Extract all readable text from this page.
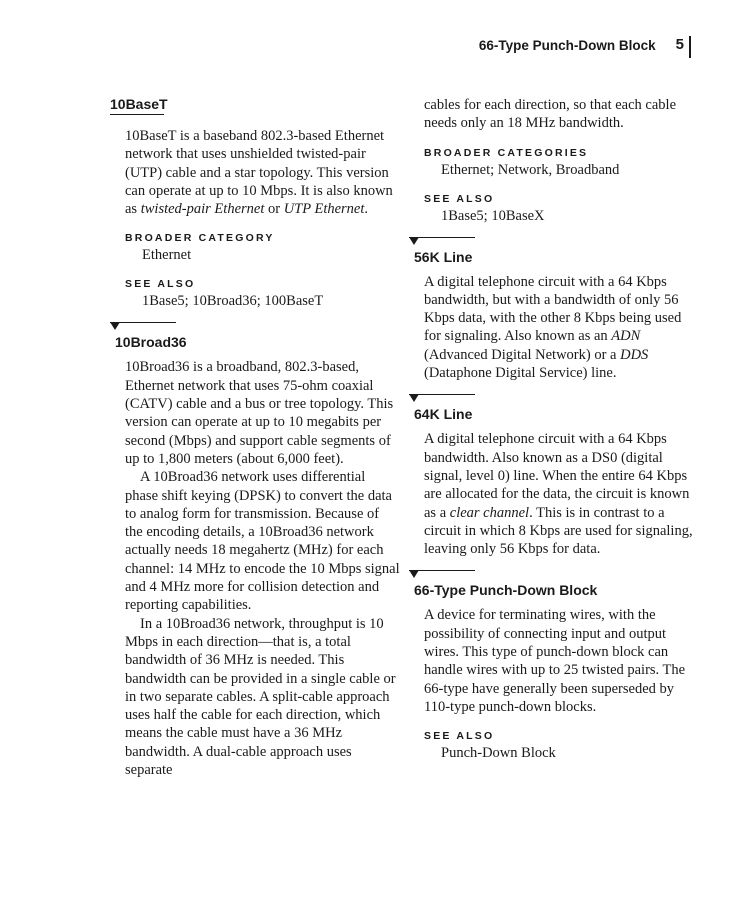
66-Type Punch-Down Block 5
10BaseT

10BaseT is a baseband 802.3-based Ethernet network that uses unshielded twisted-pair (UTP) cable and a star topology. This version can operate at up to 10 Mbps. It is also known as twisted-pair Ethernet or UTP Ethernet.

BROADER CATEGORY

Ethernet

SEE ALSO

1Base5; 10Broad36; 100BaseT

10Broad36

10Broad36 is a broadband, 802.3-based, Ethernet network that uses 75-ohm coaxial (CATV) cable and a bus or tree topology. This version can operate at up to 10 megabits per second (Mbps) and support cable segments of up to 1,800 meters (about 6,000 feet).

A 10Broad36 network uses differential phase shift keying (DPSK) to convert the data to analog form for transmission. Because of the encoding details, a 10Broad36 network actually needs 18 megahertz (MHz) for each channel: 14 MHz to encode the 10 Mbps signal and 4 MHz more for collision detection and reporting capabilities.

In a 10Broad36 network, throughput is 10 Mbps in each direction—that is, a total bandwidth of 36 MHz is needed. This bandwidth can be provided in a single cable or in two separate cables. A split-cable approach uses half the cable for each direction, which means the cable must have a 36 MHz bandwidth. A dual-cable approach uses separate

cables for each direction, so that each cable needs only an 18 MHz bandwidth.

BROADER CATEGORIES

Ethernet; Network, Broadband

SEE ALSO

1Base5; 10BaseX

56K Line

A digital telephone circuit with a 64 Kbps bandwidth, but with a bandwidth of only 56 Kbps data, with the other 8 Kbps being used for signaling. Also known as an ADN (Advanced Digital Network) or a DDS (Dataphone Digital Service) line.

64K Line

A digital telephone circuit with a 64 Kbps bandwidth. Also known as a DS0 (digital signal, level 0) line. When the entire 64 Kbps are allocated for the data, the circuit is known as a clear channel. This is in contrast to a circuit in which 8 Kbps are used for signaling, leaving only 56 Kbps for data.

66-Type Punch-Down Block

A device for terminating wires, with the possibility of connecting input and output wires. This type of punch-down block can handle wires with up to 25 twisted pairs. The 66-type have generally been superseded by 110-type punch-down blocks.

SEE ALSO

Punch-Down Block
